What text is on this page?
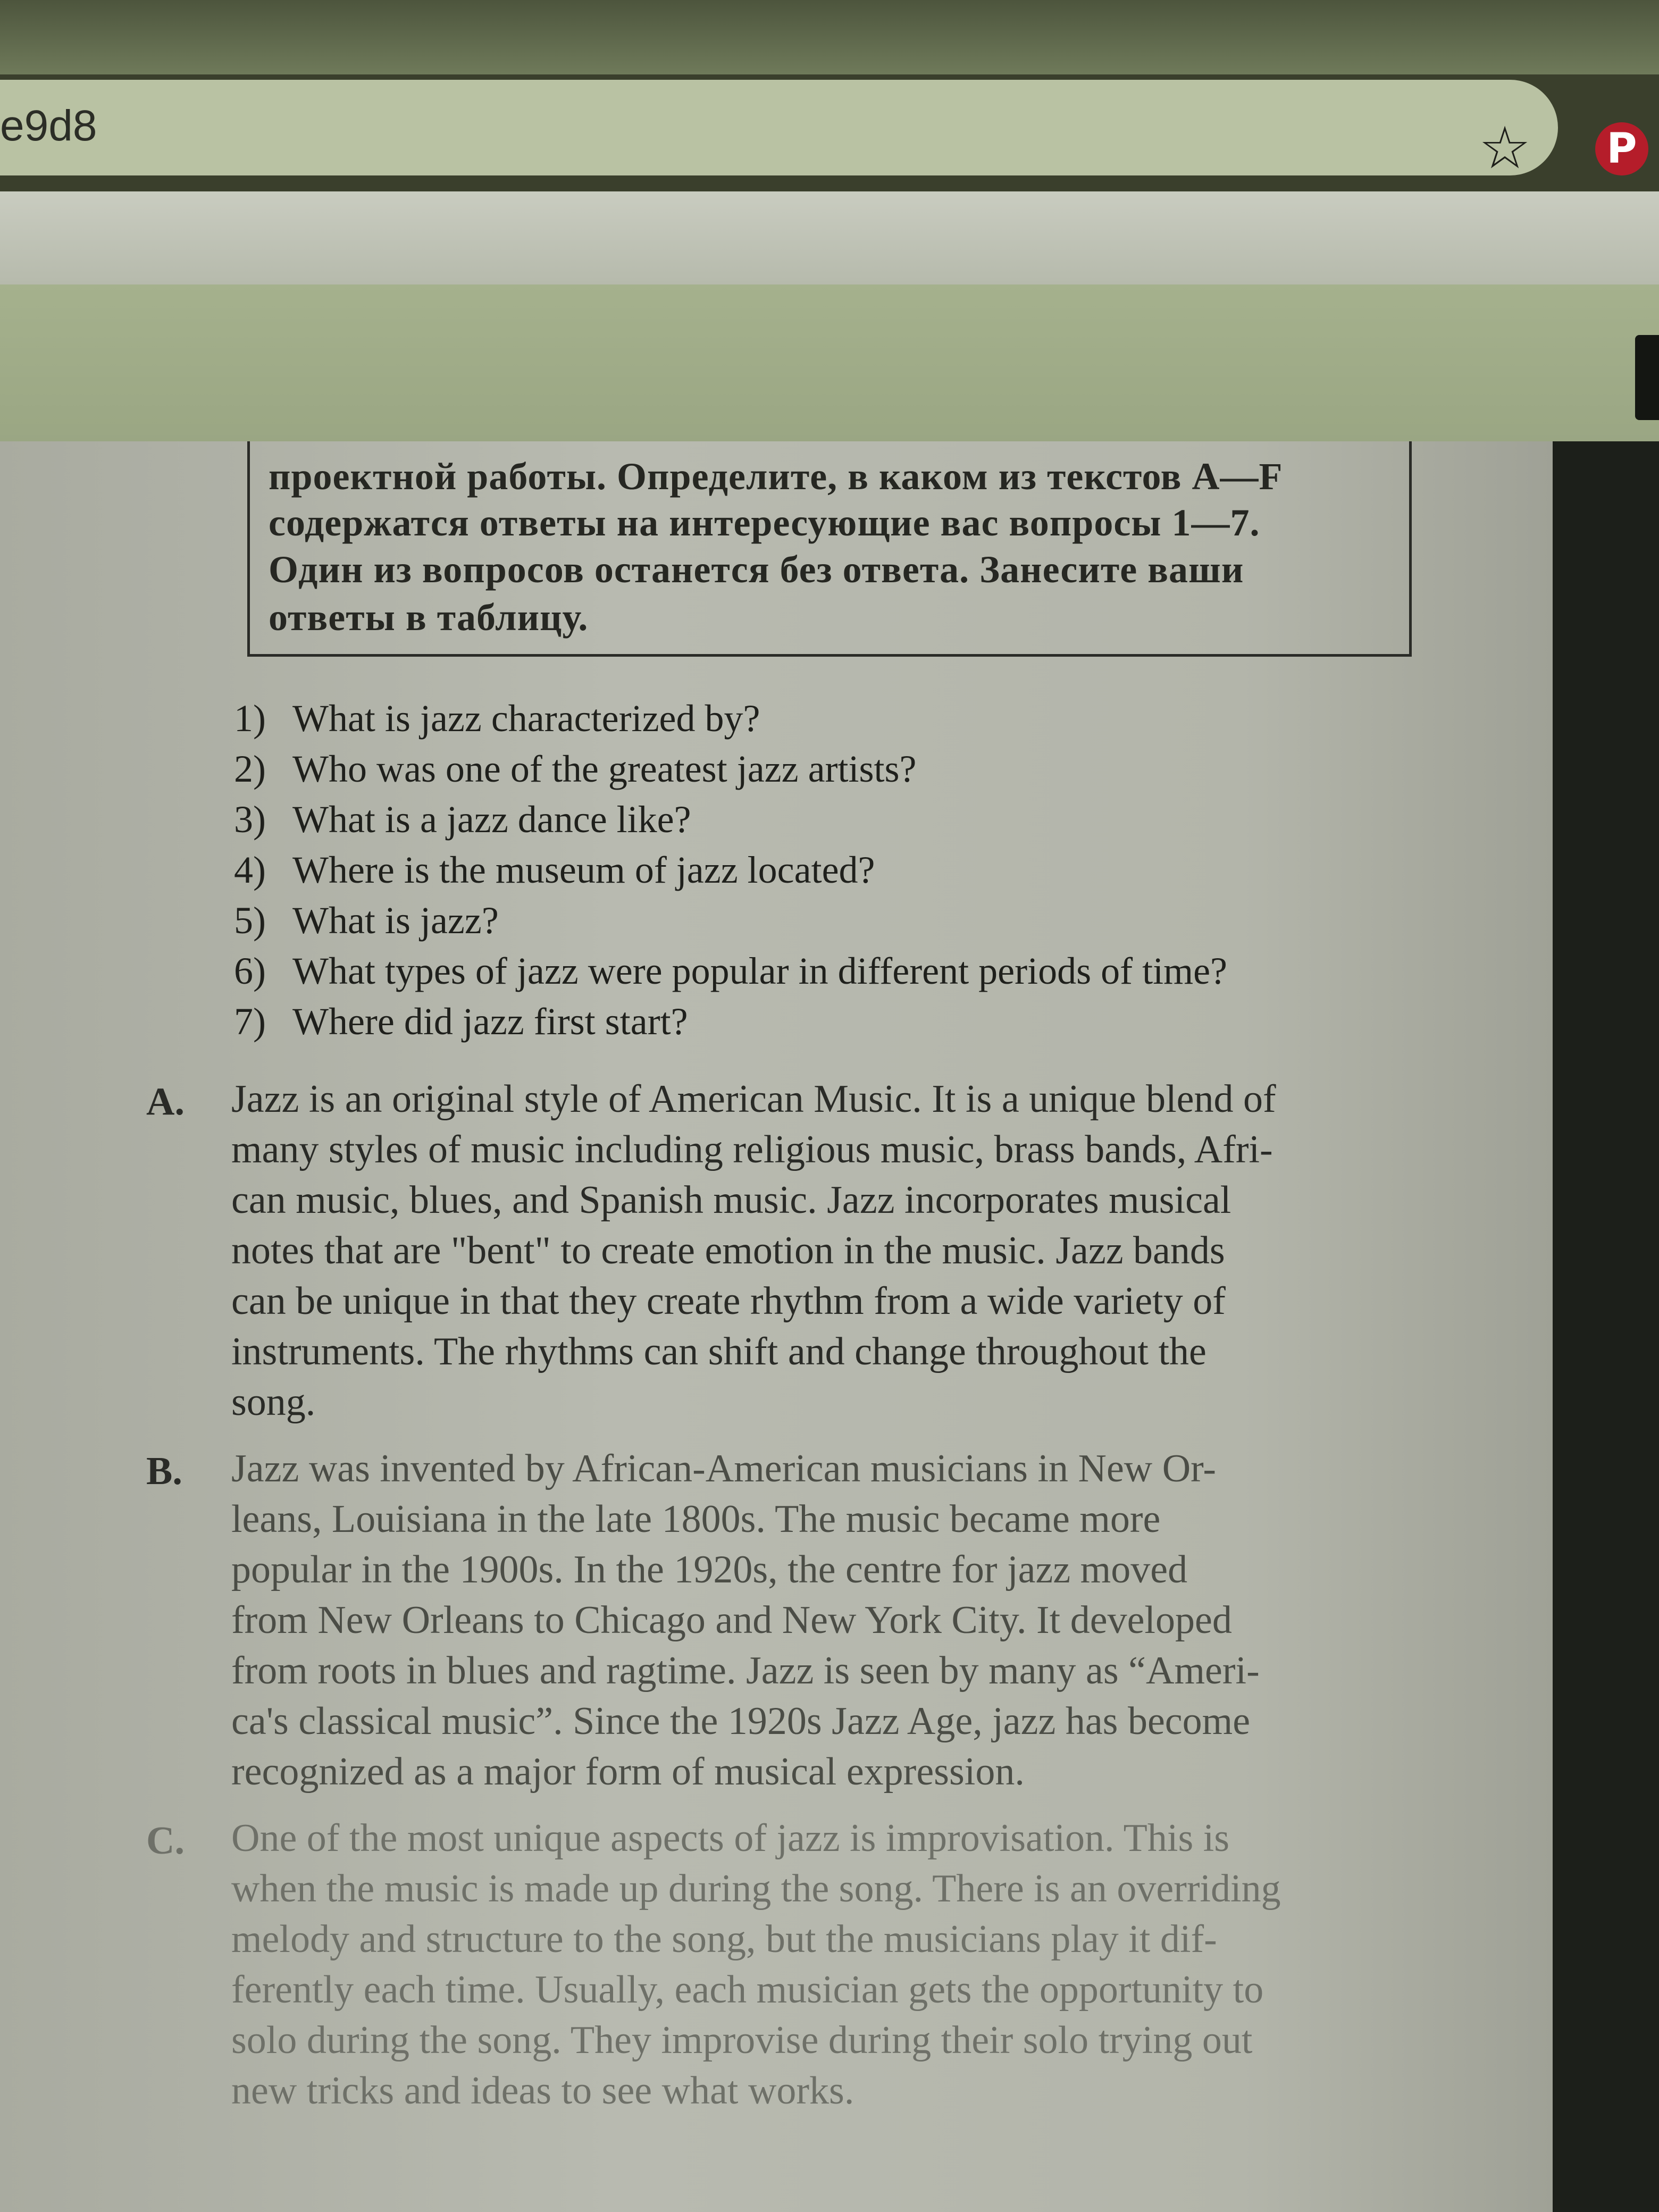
e9d8	☆ P
проектной работы. Определите, в каком из текстов A—F
содержатся ответы на интересующие вас вопросы 1—7.
Один из вопросов останется без ответа. Занесите ваши
ответы в таблицу.
1) What is jazz characterized by?
2) Who was one of the greatest jazz artists?
3) What is a jazz dance like?
4) Where is the museum of jazz located?
5) What is jazz?
6) What types of jazz were popular in different periods of time?
7) Where did jazz first start?
A. Jazz is an original style of American Music. It is a unique blend of
many styles of music including religious music, brass bands, Afri-
can music, blues, and Spanish music. Jazz incorporates musical
notes that are "bent" to create emotion in the music. Jazz bands
can be unique in that they create rhythm from a wide variety of
instruments. The rhythms can shift and change throughout the
song.
B. Jazz was invented by African-American musicians in New Or-
leans, Louisiana in the late 1800s. The music became more
popular in the 1900s. In the 1920s, the centre for jazz moved
from New Orleans to Chicago and New York City. It developed
from roots in blues and ragtime. Jazz is seen by many as “Ameri-
ca's classical music”. Since the 1920s Jazz Age, jazz has become
recognized as a major form of musical expression.
C. One of the most unique aspects of jazz is improvisation. This is
when the music is made up during the song. There is an overriding
melody and structure to the song, but the musicians play it dif-
ferently each time. Usually, each musician gets the opportunity to
solo during the song. They improvise during their solo trying out
new tricks and ideas to see what works.
